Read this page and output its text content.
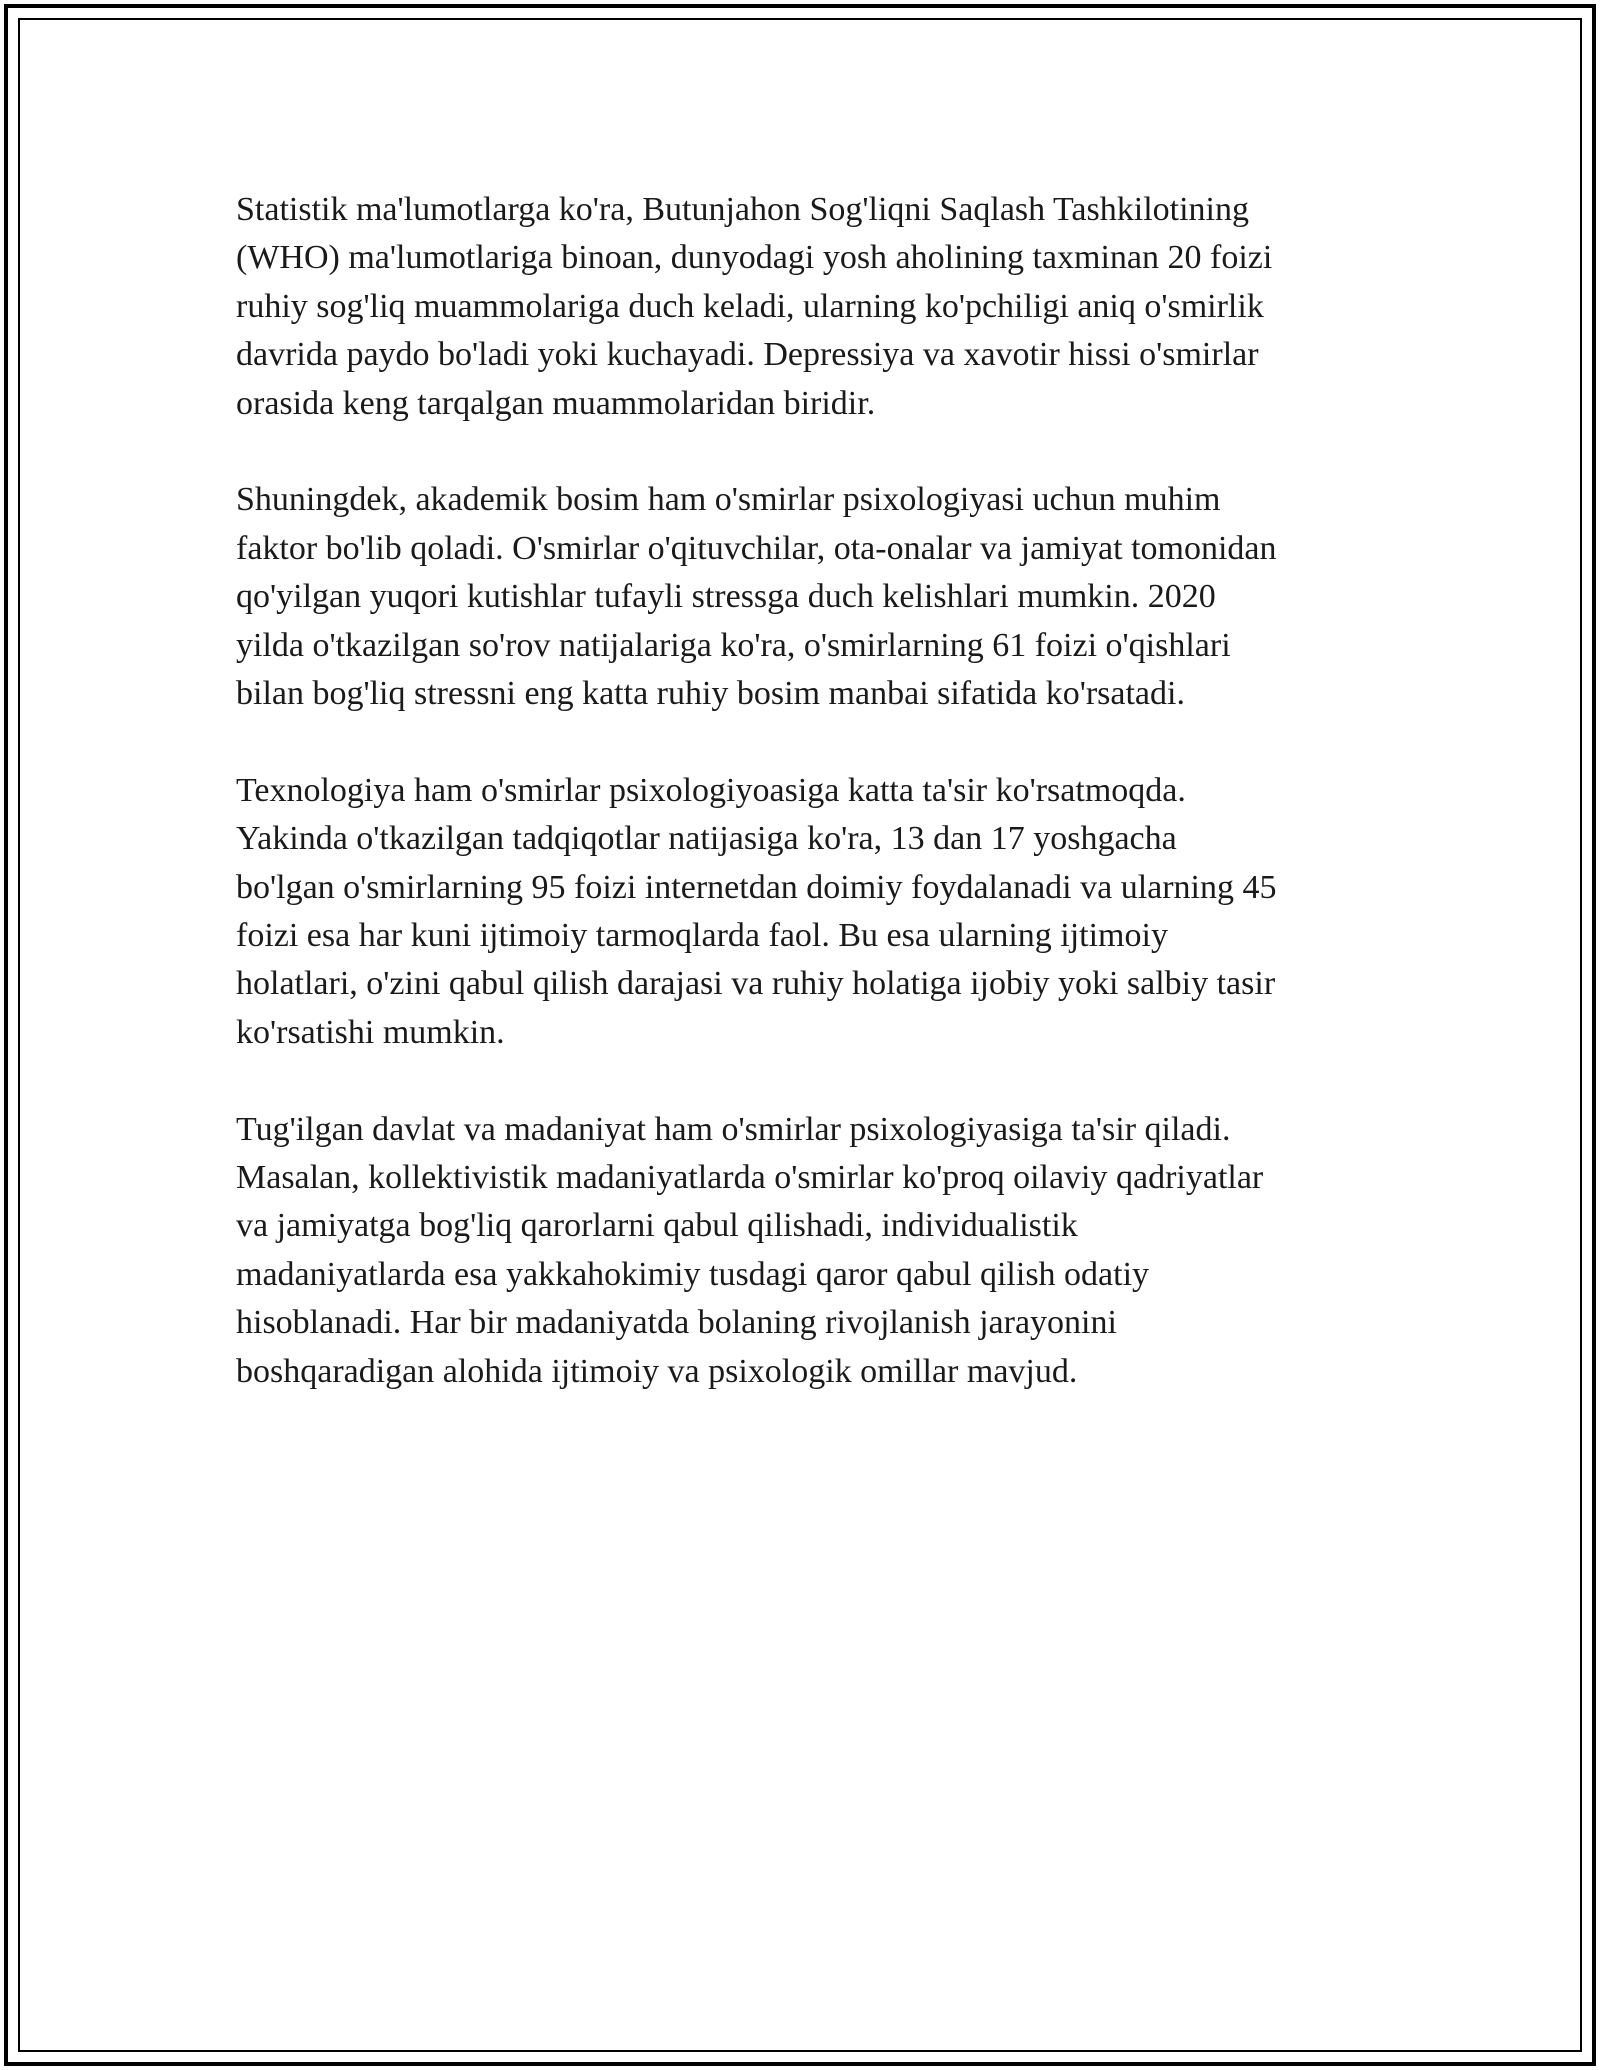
Statistik ma'lumotlarga ko'ra, Butunjahon Sog'liqni Saqlash Tashkilotining
(WHO) ma'lumotlariga binoan, dunyodagi yosh aholining taxminan 20 foizi
ruhiy sog'liq muammolariga duch keladi, ularning ko'pchiligi aniq o'smirlik
davrida paydo bo'ladi yoki kuchayadi. Depressiya va xavotir hissi o'smirlar
orasida keng tarqalgan muammolaridan biridir.

Shuningdek, akademik bosim ham o'smirlar psixologiyasi uchun muhim
faktor bo'lib qoladi. O'smirlar o'qituvchilar, ota-onalar va jamiyat tomonidan
qo'yilgan yuqori kutishlar tufayli stressga duch kelishlari mumkin. 2020
yilda o'tkazilgan so'rov natijalariga ko'ra, o'smirlarning 61 foizi o'qishlari
bilan bog'liq stressni eng katta ruhiy bosim manbai sifatida ko'rsatadi.

Texnologiya ham o'smirlar psixologiyoasiga katta ta'sir ko'rsatmoqda.
Yakinda o'tkazilgan tadqiqotlar natijasiga ko'ra, 13 dan 17 yoshgacha
bo'lgan o'smirlarning 95 foizi internetdan doimiy foydalanadi va ularning 45
foizi esa har kuni ijtimoiy tarmoqlarda faol. Bu esa ularning ijtimoiy
holatlari, o'zini qabul qilish darajasi va ruhiy holatiga ijobiy yoki salbiy tasir
ko'rsatishi mumkin.

Tug'ilgan davlat va madaniyat ham o'smirlar psixologiyasiga ta'sir qiladi.
Masalan, kollektivistik madaniyatlarda o'smirlar ko'proq oilaviy qadriyatlar
va jamiyatga bog'liq qarorlarni qabul qilishadi, individualistik
madaniyatlarda esa yakkahokimiy tusdagi qaror qabul qilish odatiy
hisoblanadi. Har bir madaniyatda bolaning rivojlanish jarayonini
boshqaradigan alohida ijtimoiy va psixologik omillar mavjud.
